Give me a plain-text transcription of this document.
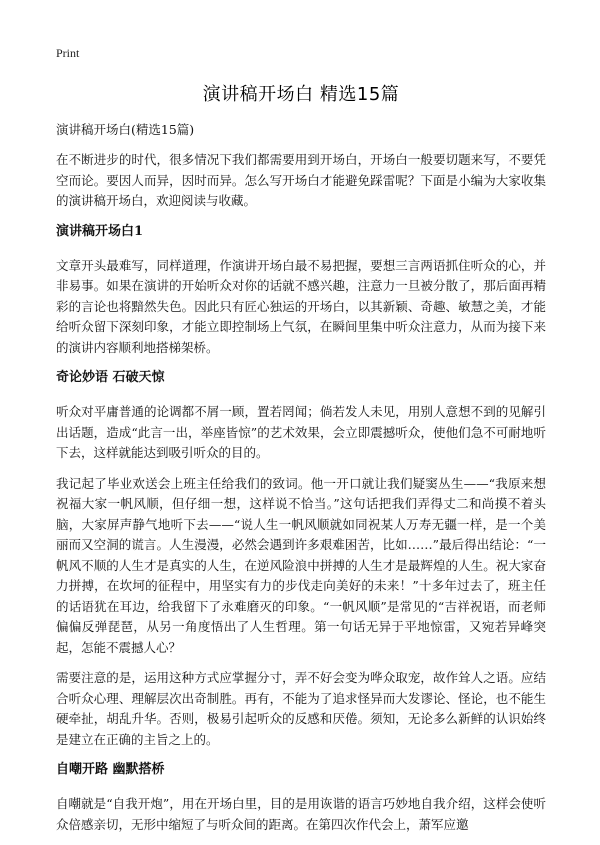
Print
演讲稿开场白 精选15篇
演讲稿开场白(精选15篇)

在不断进步的时代，很多情况下我们都需要用到开场白，开场白一般要切题来写，不要凭空而论。要因人而异，因时而异。怎么写开场白才能避免踩雷呢？下面是小编为大家收集的演讲稿开场白，欢迎阅读与收藏。

演讲稿开场白1

文章开头最难写，同样道理，作演讲开场白最不易把握，要想三言两语抓住听众的心，并非易事。如果在演讲的开始听众对你的话就不感兴趣，注意力一旦被分散了，那后面再精彩的言论也将黯然失色。因此只有匠心独运的开场白，以其新颖、奇趣、敏慧之美，才能给听众留下深刻印象，才能立即控制场上气氛，在瞬间里集中听众注意力，从而为接下来的演讲内容顺利地搭梯架桥。

奇论妙语 石破天惊

听众对平庸普通的论调都不屑一顾，置若罔闻；倘若发人未见，用别人意想不到的见解引出话题，造成“此言一出，举座皆惊”的艺术效果，会立即震撼听众，使他们急不可耐地听下去，这样就能达到吸引听众的目的。

我记起了毕业欢送会上班主任给我们的致词。他一开口就让我们疑窦丛生——“我原来想祝福大家一帆风顺，但仔细一想，这样说不恰当。”这句话把我们弄得丈二和尚摸不着头脑，大家屏声静气地听下去——“说人生一帆风顺就如同祝某人万寿无疆一样，是一个美丽而又空洞的谎言。人生漫漫，必然会遇到许多艰难困苦，比如……”最后得出结论：“一帆风不顺的人生才是真实的人生，在逆风险浪中拼搏的人生才是最辉煌的人生。祝大家奋力拼搏，在坎坷的征程中，用坚实有力的步伐走向美好的未来！”十多年过去了，班主任的话语犹在耳边，给我留下了永难磨灭的印象。“一帆风顺”是常见的“吉祥祝语，而老师偏偏反弹琵琶，从另一角度悟出了人生哲理。第一句话无异于平地惊雷，又宛若异峰突起，怎能不震撼人心？

需要注意的是，运用这种方式应掌握分寸，弄不好会变为哗众取宠，故作耸人之语。应结合听众心理、理解层次出奇制胜。再有，不能为了追求怪异而大发谬论、怪论，也不能生硬牵扯，胡乱升华。否则，极易引起听众的反感和厌倦。须知，无论多么新鲜的认识始终是建立在正确的主旨之上的。

自嘲开路 幽默搭桥

自嘲就是“自我开炮”，用在开场白里，目的是用诙谐的语言巧妙地自我介绍，这样会使听众倍感亲切，无形中缩短了与听众间的距离。在第四次作代会上，萧军应邀
